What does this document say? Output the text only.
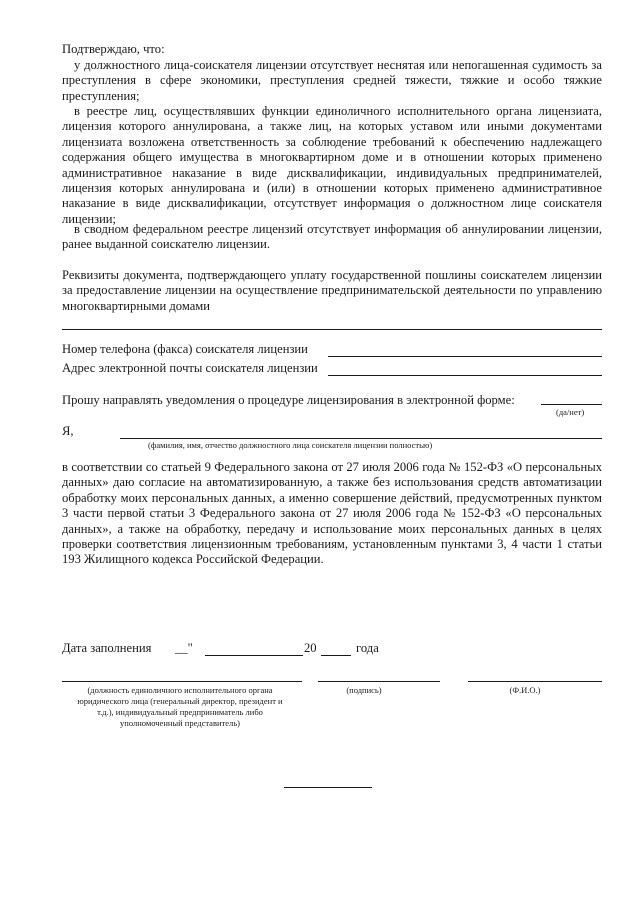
Подтверждаю, что:
у должностного лица-соискателя лицензии отсутствует неснятая или непогашенная судимость за преступления в сфере экономики, преступления средней тяжести, тяжкие и особо тяжкие преступления;
в реестре лиц, осуществлявших функции единоличного исполнительного органа лицензиата, лицензия которого аннулирована, а также лиц, на которых уставом или иными документами лицензиата возложена ответственность за соблюдение требований к обеспечению надлежащего содержания общего имущества в многоквартирном доме и в отношении которых применено административное наказание в виде дисквалификации, индивидуальных предпринимателей, лицензия которых аннулирована и (или) в отношении которых применено административное наказание в виде дисквалификации, отсутствует информация о должностном лице соискателя лицензии;
в сводном федеральном реестре лицензий отсутствует информация об аннулировании лицензии, ранее выданной соискателю лицензии.
Реквизиты документа, подтверждающего уплату государственной пошлины соискателем лицензии за предоставление лицензии на осуществление предпринимательской деятельности по управлению многоквартирными домами
Номер телефона (факса) соискателя лицензии
Адрес электронной почты соискателя лицензии
Прошу направлять уведомления о процедуре лицензирования в электронной форме:
(да/нет)
Я,
(фамилия, имя, отчество должностного лица соискателя лицензии полностью)
в соответствии со статьей 9 Федерального закона от 27 июля 2006 года № 152-ФЗ «О персональных данных» даю согласие на автоматизированную, а также без использования средств автоматизации обработку моих персональных данных, а именно совершение действий, предусмотренных пунктом 3 части первой статьи 3 Федерального закона от 27 июля 2006 года № 152-ФЗ «О персональных данных», а также на обработку, передачу и использование моих персональных данных в целях проверки соответствия лицензионным требованиям, установленным пунктами 3, 4 части 1 статьи 193 Жилищного кодекса Российской Федерации.
Дата заполнения __"	20	года
(должность единоличного исполнительного органа юридического лица (генеральный директор, президент и т.д.), индивидуальный предприниматель либо уполномоченный представитель)
(подпись)	(Ф.И.О.)
